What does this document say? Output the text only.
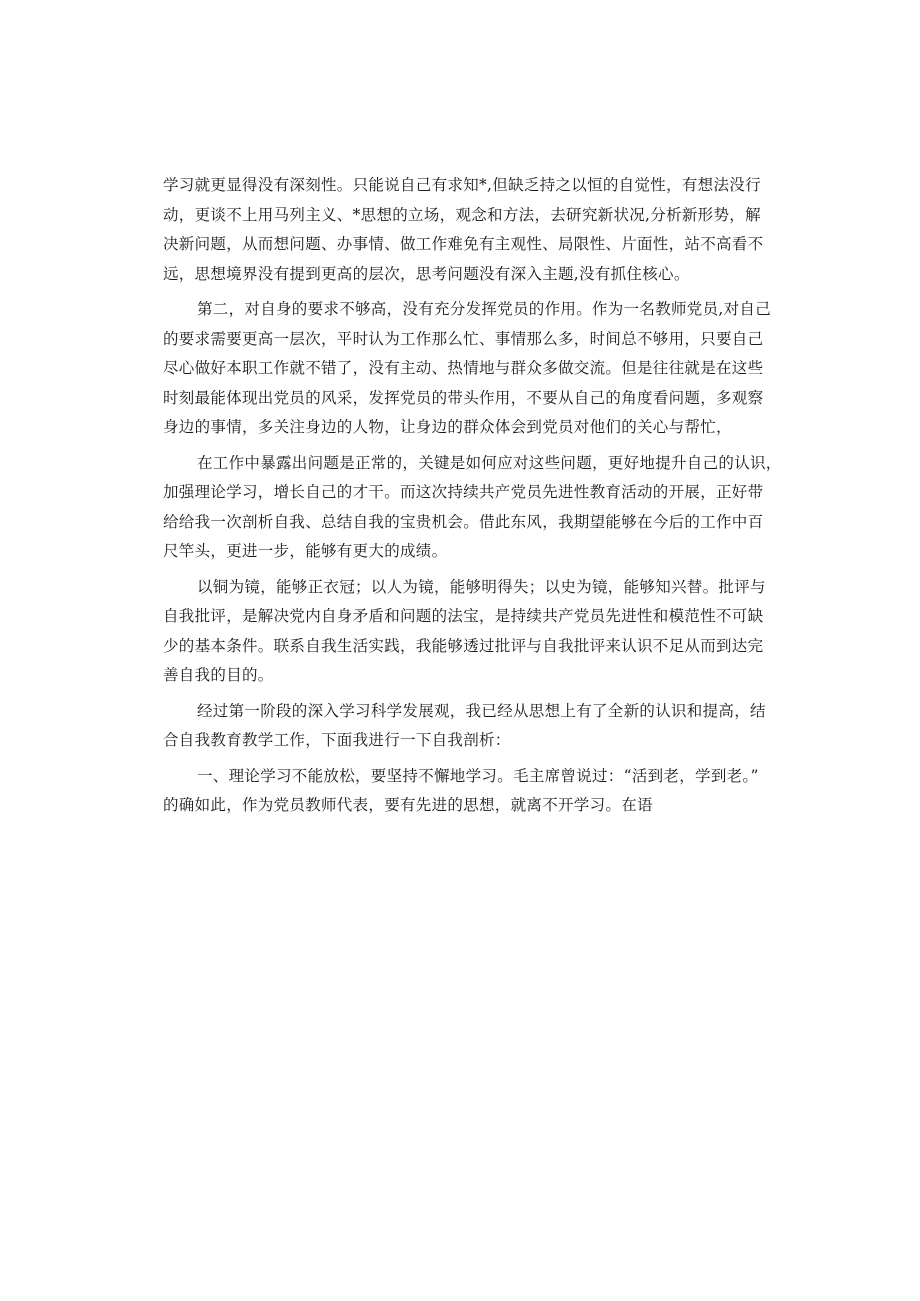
学习就更显得没有深刻性。只能说自己有求知*,但缺乏持之以恒的自觉性，有想法没行
动，更谈不上用马列主义、*思想的立场，观念和方法，去研究新状况,分析新形势，解
决新问题，从而想问题、办事情、做工作难免有主观性、局限性、片面性，站不高看不
远，思想境界没有提到更高的层次，思考问题没有深入主题,没有抓住核心。

第二，对自身的要求不够高，没有充分发挥党员的作用。作为一名教师党员,对自己
的要求需要更高一层次，平时认为工作那么忙、事情那么多，时间总不够用，只要自己
尽心做好本职工作就不错了，没有主动、热情地与群众多做交流。但是往往就是在这些
时刻最能体现出党员的风采，发挥党员的带头作用，不要从自己的角度看问题，多观察
身边的事情，多关注身边的人物，让身边的群众体会到党员对他们的关心与帮忙，

在工作中暴露出问题是正常的，关键是如何应对这些问题，更好地提升自己的认识，
加强理论学习，增长自己的才干。而这次持续共产党员先进性教育活动的开展，正好带
给给我一次剖析自我、总结自我的宝贵机会。借此东风，我期望能够在今后的工作中百
尺竿头，更进一步，能够有更大的成绩。

以铜为镜，能够正衣冠；以人为镜，能够明得失；以史为镜，能够知兴替。批评与
自我批评，是解决党内自身矛盾和问题的法宝，是持续共产党员先进性和模范性不可缺
少的基本条件。联系自我生活实践，我能够透过批评与自我批评来认识不足从而到达完
善自我的目的。

经过第一阶段的深入学习科学发展观，我已经从思想上有了全新的认识和提高，结
合自我教育教学工作，下面我进行一下自我剖析：

一、理论学习不能放松，要坚持不懈地学习。毛主席曾说过：“活到老，学到老。”
的确如此，作为党员教师代表，要有先进的思想，就离不开学习。在语
